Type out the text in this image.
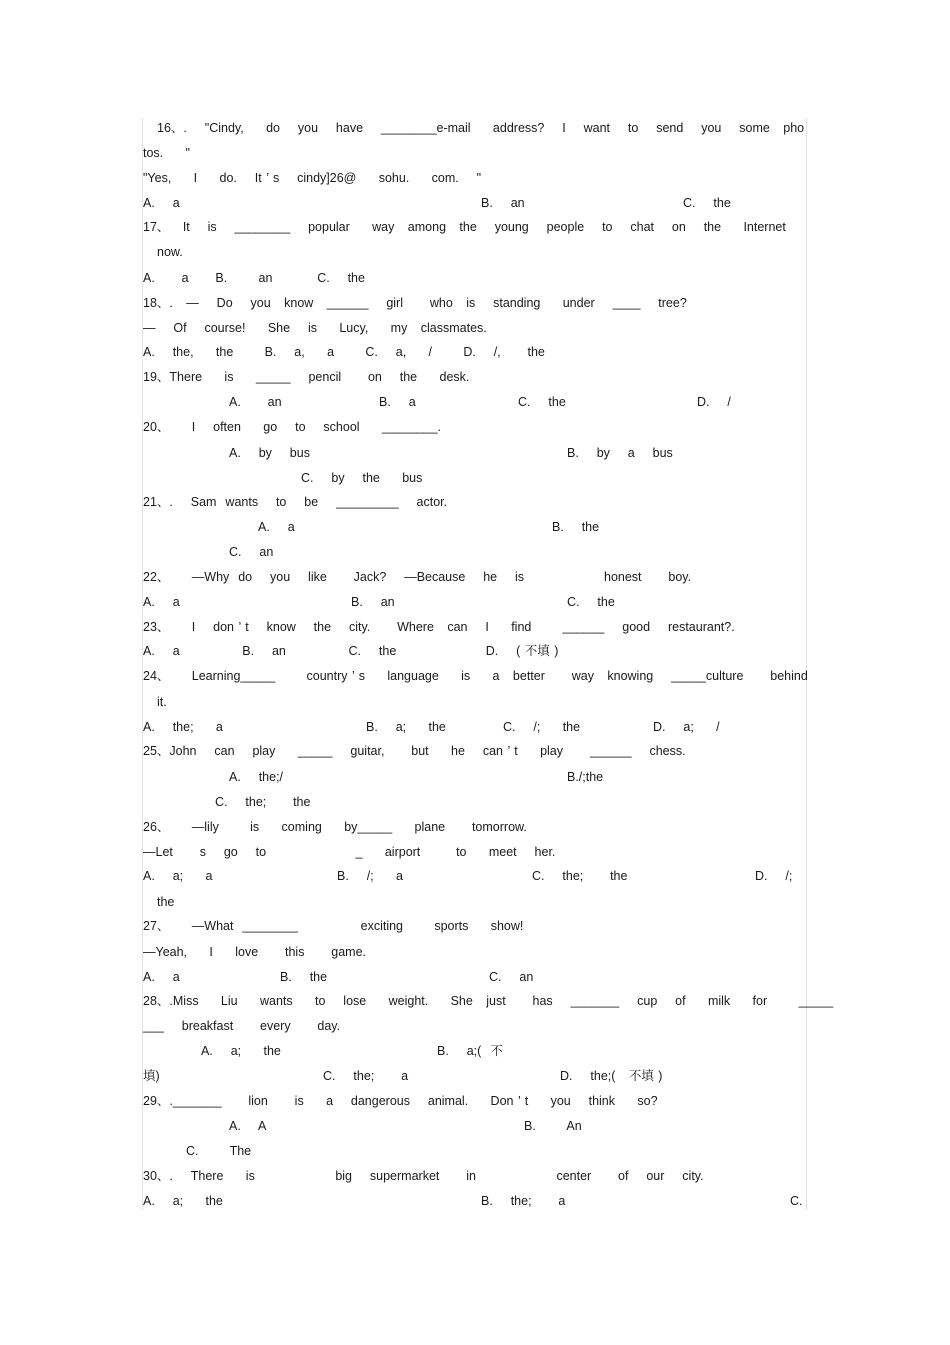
16、.    "Cindy,     do    you    have    ________e-mail     address?    I    want    to    send    you    some   pho
tos.     "
"Yes,     I     do.    It ’ s    cindy]26@     sohu.     com.    "
A.    a	B.    an	C.    the
17、   It    is    ________    popular     way   among   the    young    people    to    chat    on    the     Internet
now.
A.      a      B.       an          C.    the
18、.   —    Do    you   know   ______    girl      who   is    standing     under    ____    tree?
—    Of    course!     She    is     Lucy,     my   classmates.
A.    the,     the       B.    a,     a       C.    a,     /       D.    /,      the
19、There     is     _____    pencil      on    the     desk.
A.      an	B.    a	C.    the	D.    /
20、     I    often     go    to    school     ________.
A.    by    bus	B.    by    a    bus
C.    by    the     bus
21、.    Sam  wants    to    be    _________    actor.
A.    a	B.    the
C.    an
22、     —Why  do    you    like      Jack?    —Because    he    is	honest      boy.
A.    a	B.    an	C.    the
23、     I    don ’ t    know    the    city.      Where   can    I     find       ______    good    restaurant?.
A.    a              B.    an              C.    the                    D.    ( 不填 )
24、     Learning_____       country ’ s     language     is     a   better      way   knowing    _____culture      behind
it.
A.    the;     a	B.    a;     the	C.    /;     the	D.    a;     /
25、John    can    play     _____    guitar,      but     he    can ’ t     play      ______    chess.
A.    the;/	B./;the
C.    the;      the
26、     —lily       is     coming     by_____     plane      tomorrow.
—Let      s    go    to                    _     airport        to     meet    her.
A.    a;     a	B.    /;     a	C.    the;      the	D.    /;
the
27、     —What  ________              exciting       sports     show!
—Yeah,     I     love      this      game.
A.    a	B.    the	C.    an
28、.Miss     Liu     wants     to    lose     weight.     She   just      has    _______    cup    of     milk     for       _____
___    breakfast      every      day.
A.    a;     the	B.    a;(  不
填)	C.    the;      a	D.    the;(   不填 )
29、._______      lion      is     a    dangerous    animal.     Don ’ t     you    think     so?
A.    A	B.       An
C.       The
30、.    There     is                  big    supermarket      in                  center      of    our    city.
A.    a;     the	B.    the;      a	C.
